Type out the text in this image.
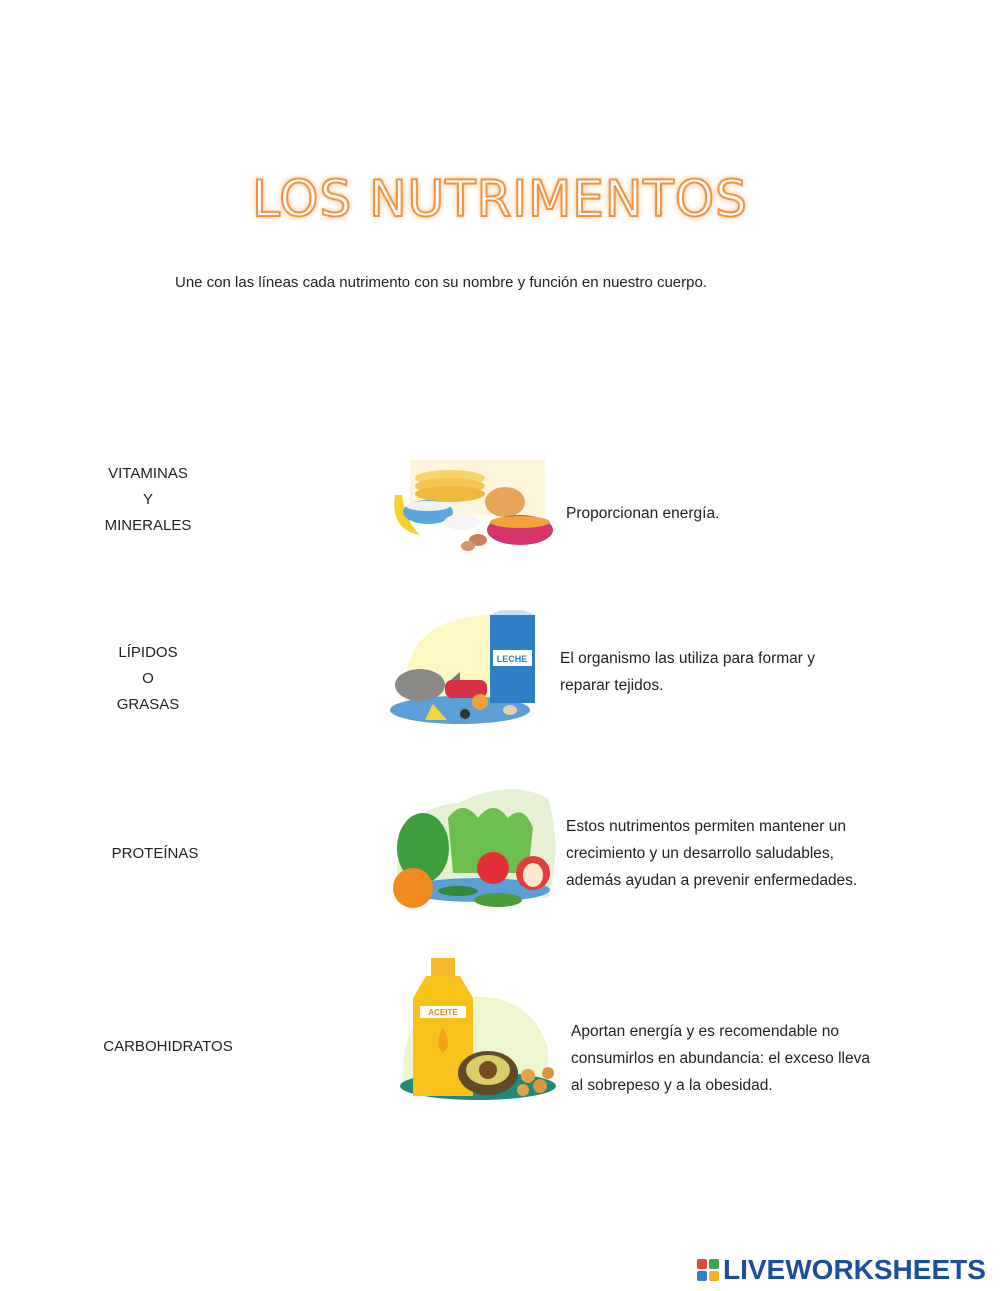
LOS NUTRIMENTOS
Une con las líneas cada nutrimento con su nombre y función en nuestro cuerpo.
VITAMINAS
Y
MINERALES
LÍPIDOS
O
GRASAS
PROTEÍNAS
CARBOHIDRATOS
LECHE
ACEITE
Proporcionan energía.
El organismo las utiliza para formar y
reparar tejidos.
Estos nutrimentos permiten mantener un
crecimiento y un desarrollo saludables,
además ayudan a prevenir enfermedades.
Aportan energía y es recomendable no
consumirlos en abundancia: el exceso lleva
al sobrepeso y a la obesidad.
LIVEWORKSHEETS
